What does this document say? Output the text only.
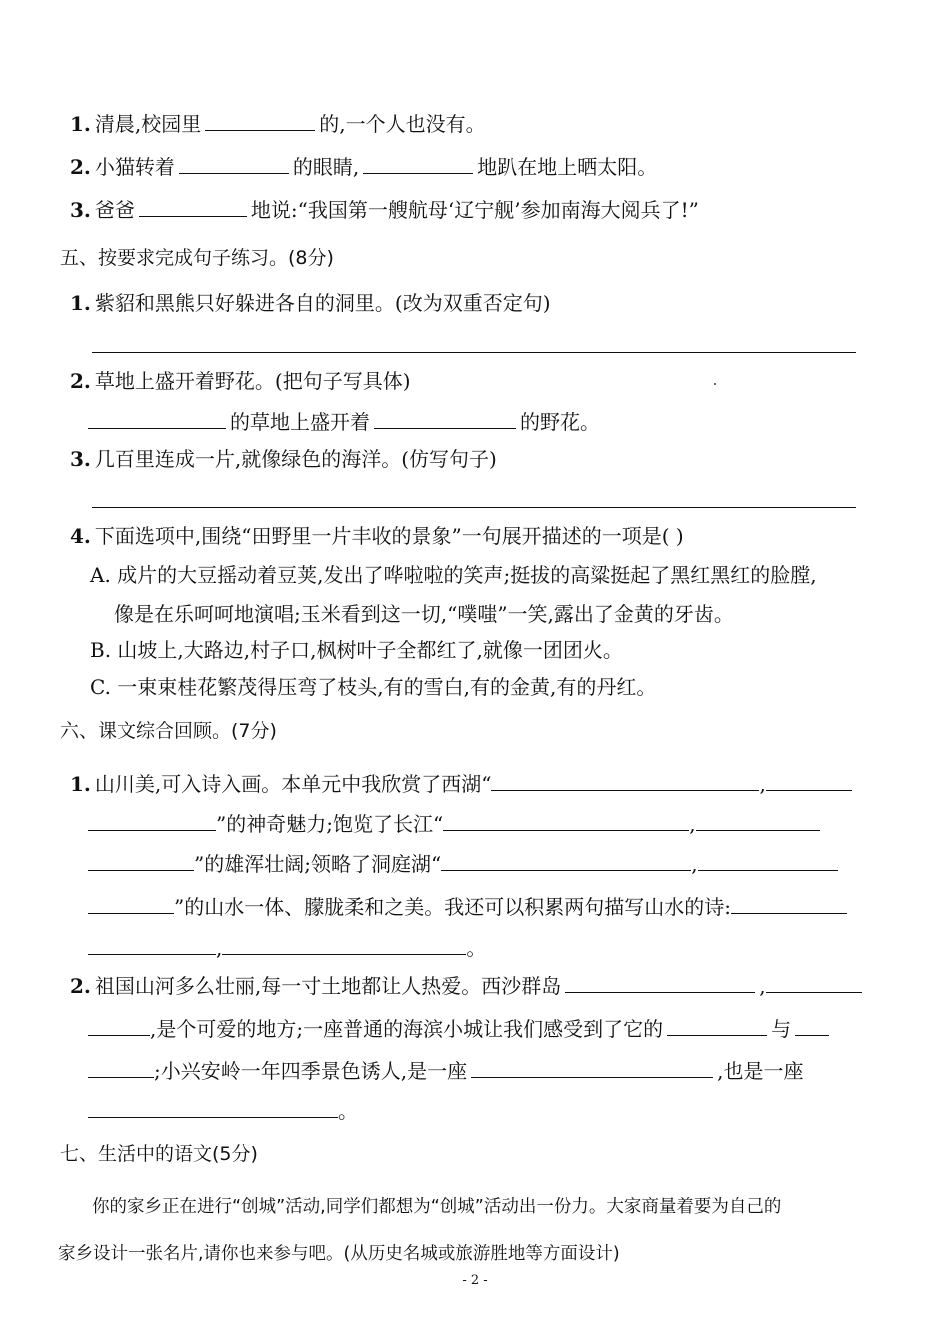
1. 清晨,校园里	的,一个人也没有。
2. 小猫转着	的眼睛,	地趴在地上晒太阳。
3. 爸爸	地说:“我国第一艘航母‘辽宁舰’参加南海大阅兵了!”
五、按要求完成句子练习。(8分)
1. 紫貂和黑熊只好躲进各自的洞里。(改为双重否定句)
2. 草地上盛开着野花。(把句子写具体)
的草地上盛开着	的野花。
3. 几百里连成一片,就像绿色的海洋。(仿写句子)
4. 下面选项中,围绕“田野里一片丰收的景象”一句展开描述的一项是( )
A. 成片的大豆摇动着豆荚,发出了哗啦啦的笑声;挺拔的高粱挺起了黑红黑红的脸膛,
像是在乐呵呵地演唱;玉米看到这一切,“噗嗤”一笑,露出了金黄的牙齿。
B. 山坡上,大路边,村子口,枫树叶子全都红了,就像一团团火。
C. 一束束桂花繁茂得压弯了枝头,有的雪白,有的金黄,有的丹红。
六、课文综合回顾。(7分)
1. 山川美,可入诗入画。本单元中我欣赏了西湖“	,
”的神奇魅力;饱览了长江“	,
”的雄浑壮阔;领略了洞庭湖“	,
”的山水一体、朦胧柔和之美。我还可以积累两句描写山水的诗:
,	。
2. 祖国山河多么壮丽,每一寸土地都让人热爱。西沙群岛	,
,是个可爱的地方;一座普通的海滨小城让我们感受到了它的	与
;小兴安岭一年四季景色诱人,是一座	,也是一座
。
七、生活中的语文(5分)
你的家乡正在进行“创城”活动,同学们都想为“创城”活动出一份力。大家商量着要为自己的
家乡设计一张名片,请你也来参与吧。(从历史名城或旅游胜地等方面设计)
- 2 -
